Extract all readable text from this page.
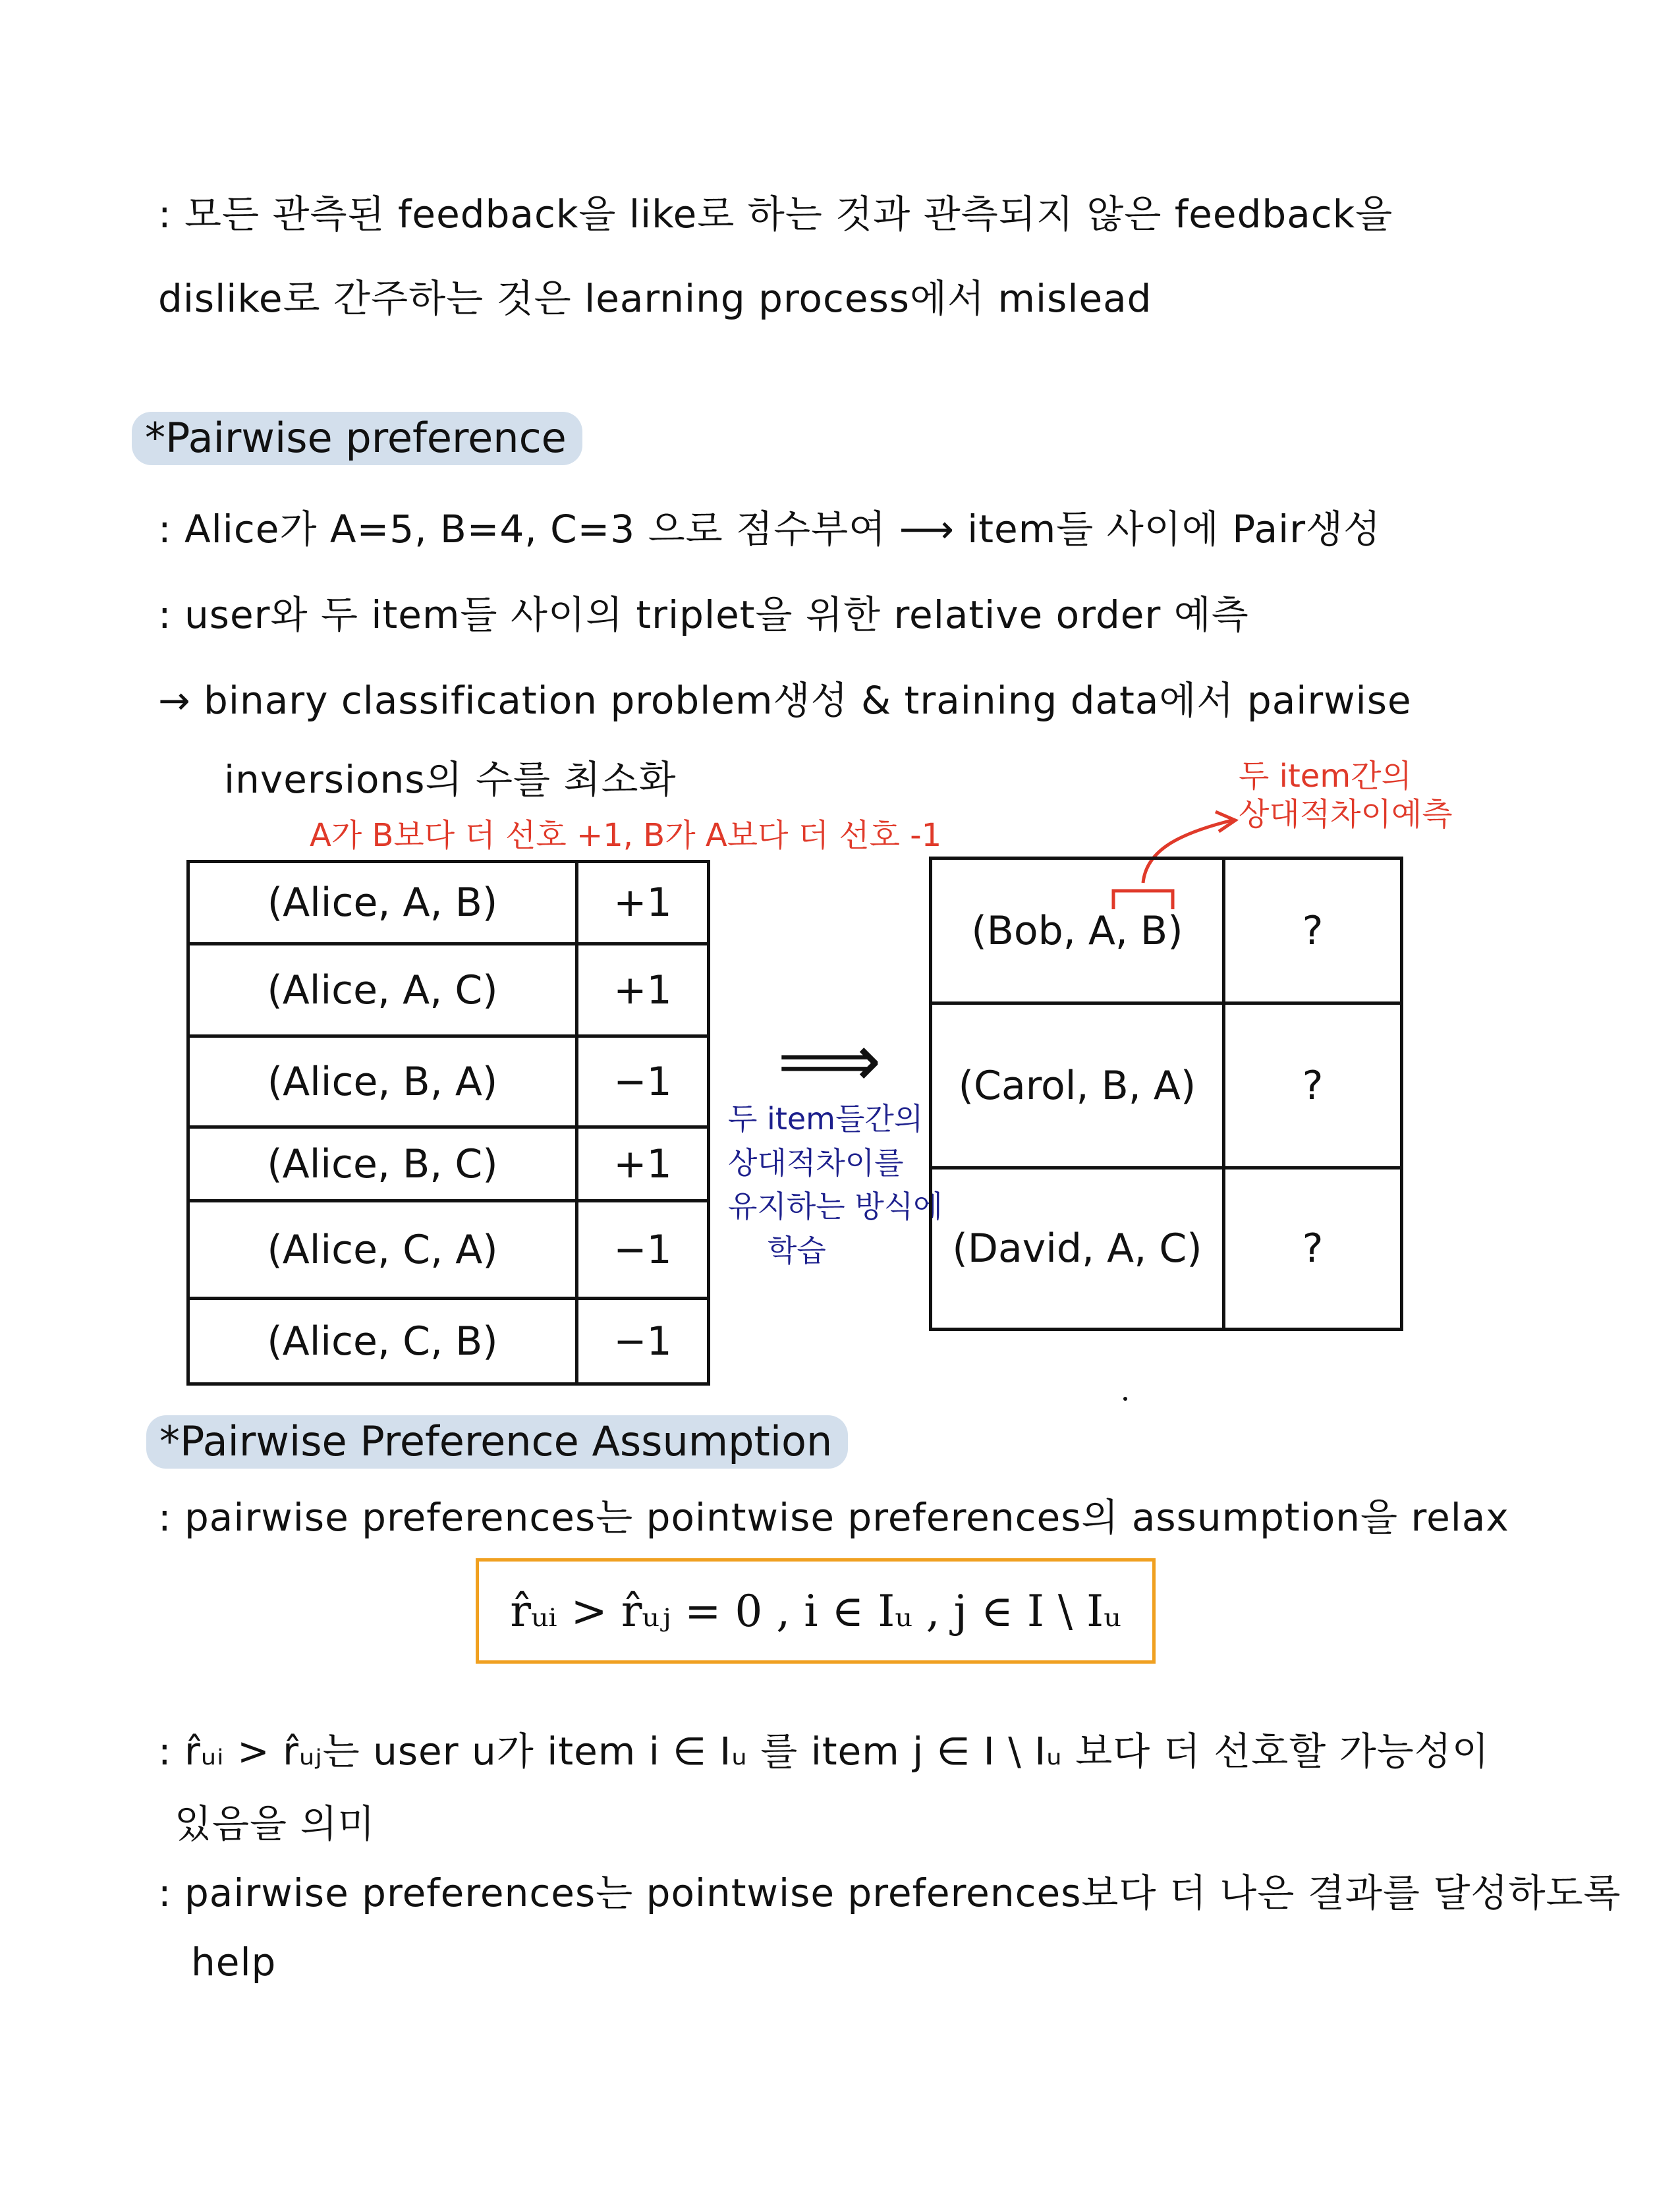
: 모든 관측된 feedback을 like로 하는 것과 관측되지 않은 feedback을

dislike로 간주하는 것은 learning process에서 mislead

*Pairwise preference

: Alice가 A=5, B=4, C=3 으로 점수부여 ⟶ item들 사이에 Pair생성

: user와 두 item들 사이의 triplet을 위한 relative order 예측

→ binary classification problem생성 & training data에서 pairwise

inversions의 수를 최소화

A가 B보다 더 선호 +1, B가 A보다 더 선호 -1

두 item간의

상대적차이예측

(Alice, A, B)	+1
(Alice, A, C)	+1
(Alice, B, A)	−1
(Alice, B, C)	+1
(Alice, C, A)	−1
(Alice, C, B)	−1
⟹

두 item들간의

상대적차이를

유지하는 방식에

학습

(Bob, A, B)	?
(Carol, B, A)	?
(David, A, C)	?

*Pairwise Preference Assumption

: pairwise preferences는 pointwise preferences의 assumption을 relax

r̂ᵤᵢ > r̂ᵤⱼ = 0 , i ∈ Iᵤ , j ∈ I \ Iᵤ

: r̂ᵤᵢ > r̂ᵤⱼ는 user u가 item i ∈ Iᵤ 를 item j ∈ I \ Iᵤ 보다 더 선호할 가능성이

있음을 의미

: pairwise preferences는 pointwise preferences보다 더 나은 결과를 달성하도록

help
